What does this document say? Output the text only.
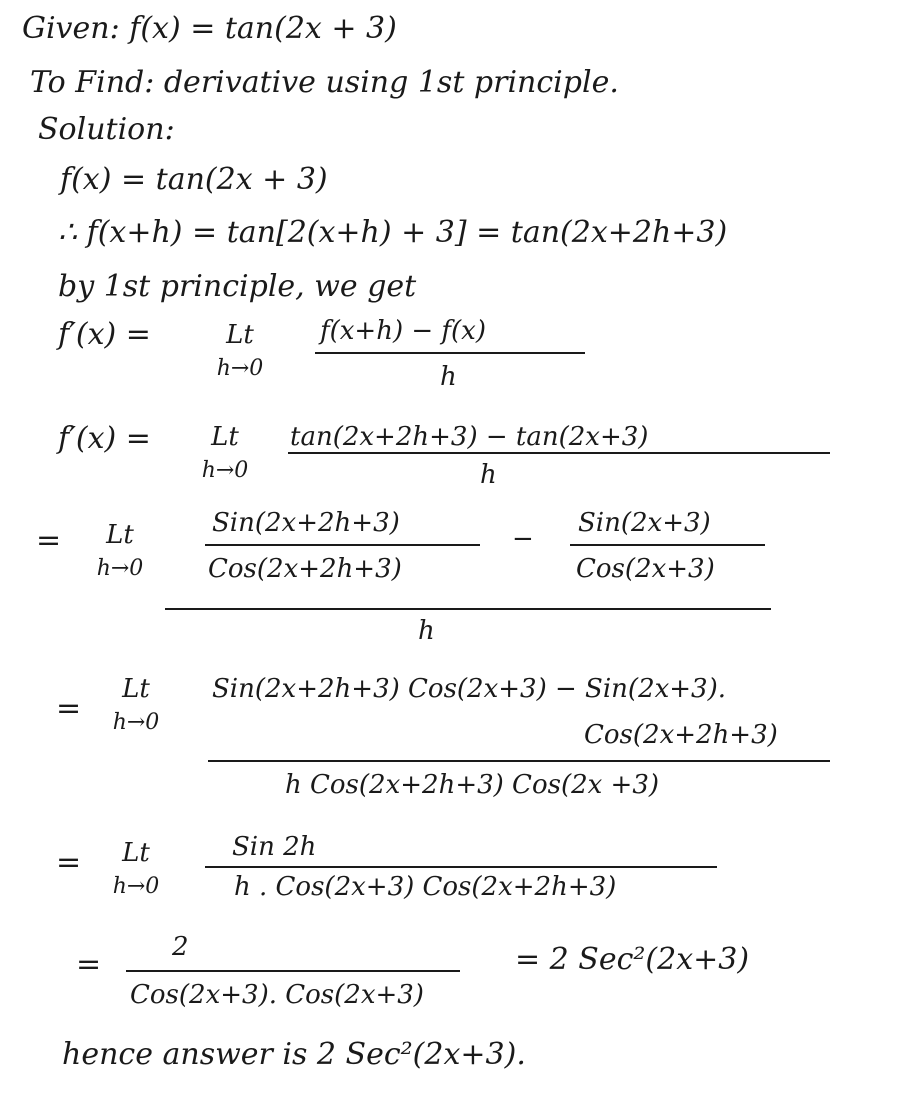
Given: f(x) = tan(2x + 3)
To Find: derivative using 1st principle.
Solution:
f(x) = tan(2x + 3)
∴ f(x+h) = tan[2(x+h) + 3] = tan(2x+2h+3)
by 1st principle, we get
f′(x) =	Lt
h→0
f(x+h) − f(x)
h
f′(x) =	Lt
h→0
tan(2x+2h+3) − tan(2x+3)
h
=	Lt
h→0
Sin(2x+2h+3)
Cos(2x+2h+3)
−
Sin(2x+3)
Cos(2x+3)
h
=
Lt
h→0
Sin(2x+2h+3) Cos(2x+3) − Sin(2x+3).
Cos(2x+2h+3)
h Cos(2x+2h+3) Cos(2x +3)
=	Lt
h→0
Sin 2h
h . Cos(2x+3) Cos(2x+2h+3)
=	2
Cos(2x+3). Cos(2x+3)
= 2 Sec²(2x+3)
hence answer is 2 Sec²(2x+3).
